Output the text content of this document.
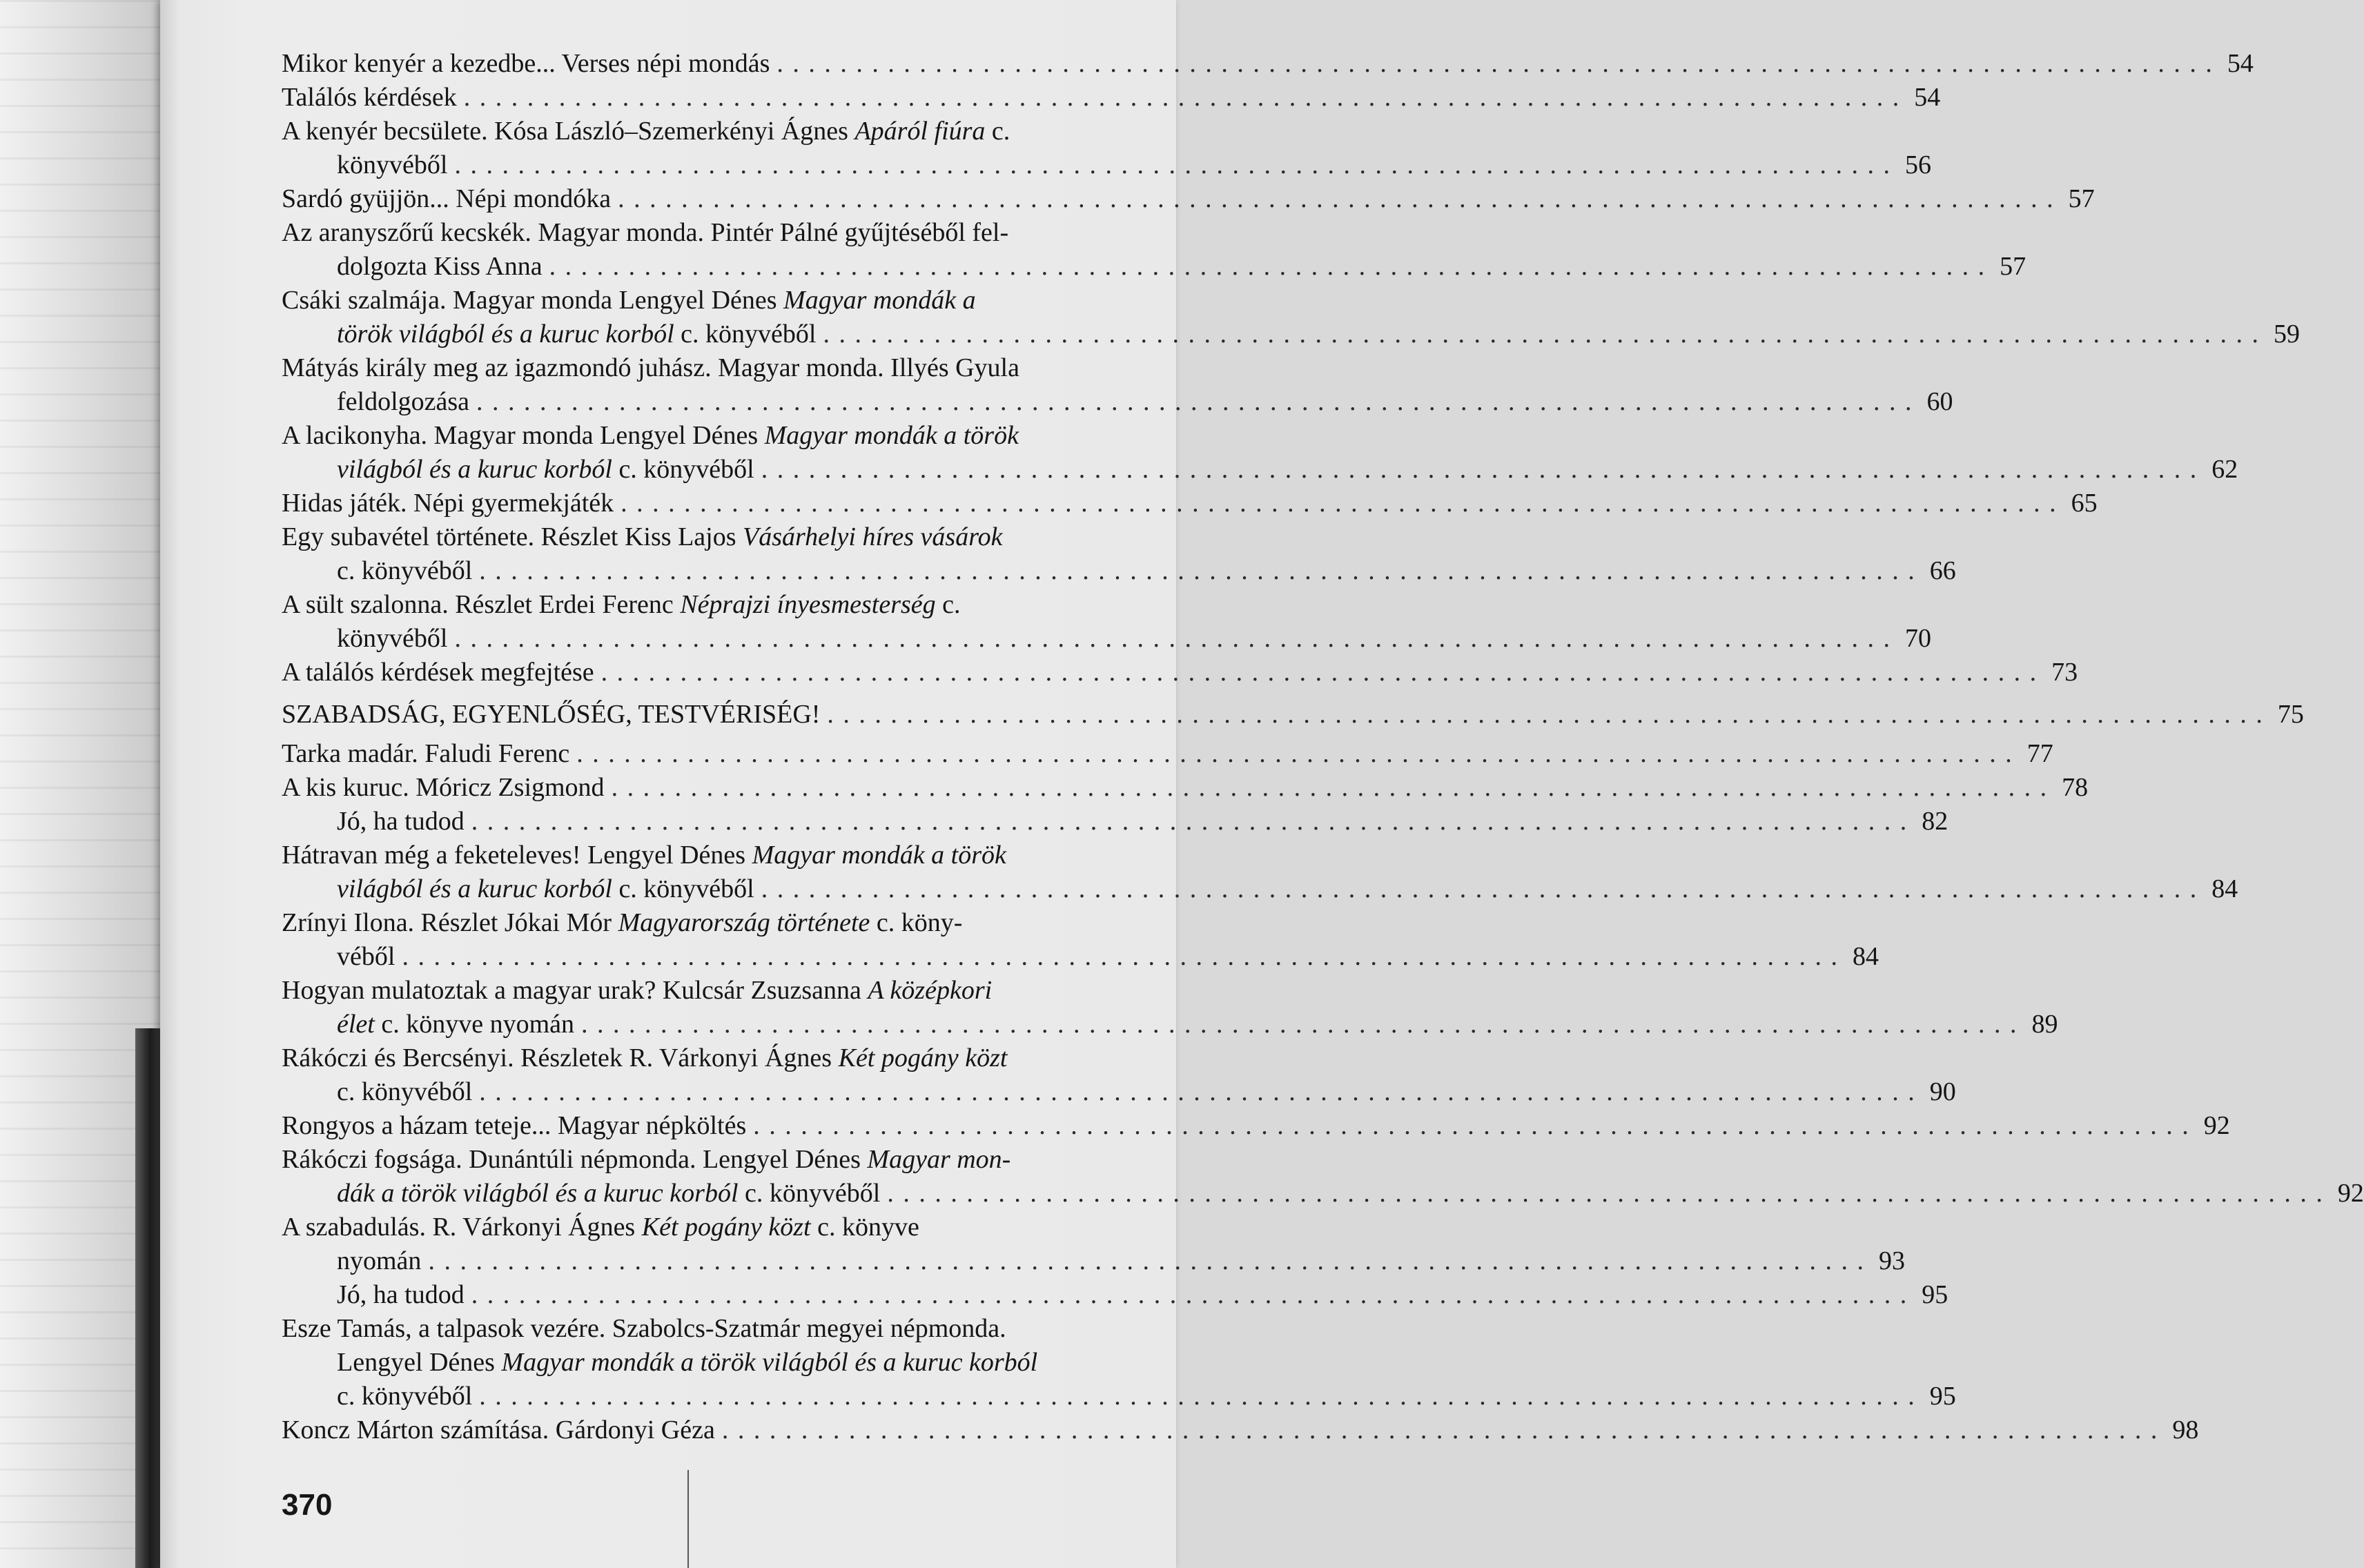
Mikor kenyér a kezedbe... Verses népi mondás . . .	54
Találós kérdések . . .	54
A kenyér becsülete. Kósa László–Szemerkényi Ágnes Apáról fiúra c.
könyvéből . . .	56
Sardó gyüjjön... Népi mondóka . . .	57
Az aranyszőrű kecskék. Magyar monda. Pintér Pálné gyűjtéséből fel-
dolgozta Kiss Anna . . .	57
Csáki szalmája. Magyar monda Lengyel Dénes Magyar mondák a
török világból és a kuruc korból c. könyvéből . . .	59
Mátyás király meg az igazmondó juhász. Magyar monda. Illyés Gyula
feldolgozása . . .	60
A lacikonyha. Magyar monda Lengyel Dénes Magyar mondák a török
világból és a kuruc korból c. könyvéből . . .	62
Hidas játék. Népi gyermekjáték . . .	65
Egy subavétel története. Részlet Kiss Lajos Vásárhelyi híres vásárok
c. könyvéből . . .	66
A sült szalonna. Részlet Erdei Ferenc Néprajzi ínyesmesterség c.
könyvéből . . .	70
A találós kérdések megfejtése . . .	73
SZABADSÁG, EGYENLŐSÉG, TESTVÉRISÉG! . . .	75
Tarka madár. Faludi Ferenc . . .	77
A kis kuruc. Móricz Zsigmond . . .	78
Jó, ha tudod . . .	82
Hátravan még a feketeleves! Lengyel Dénes Magyar mondák a török
világból és a kuruc korból c. könyvéből . . .	84
Zrínyi Ilona. Részlet Jókai Mór Magyarország története c. köny-
véből . . .	84
Hogyan mulatoztak a magyar urak? Kulcsár Zsuzsanna A középkori
élet c. könyve nyomán . . .	89
Rákóczi és Bercsényi. Részletek R. Várkonyi Ágnes Két pogány közt
c. könyvéből . . .	90
Rongyos a házam teteje... Magyar népköltés . . .	92
Rákóczi fogsága. Dunántúli népmonda. Lengyel Dénes Magyar mon-
dák a török világból és a kuruc korból c. könyvéből . . .	92
A szabadulás. R. Várkonyi Ágnes Két pogány közt c. könyve
nyomán . . .	93
Jó, ha tudod . . .	95
Esze Tamás, a talpasok vezére. Szabolcs-Szatmár megyei népmonda.
Lengyel Dénes Magyar mondák a török világból és a kuruc korból
c. könyvéből . . .	95
Koncz Márton számítása. Gárdonyi Géza . . .	98
370
